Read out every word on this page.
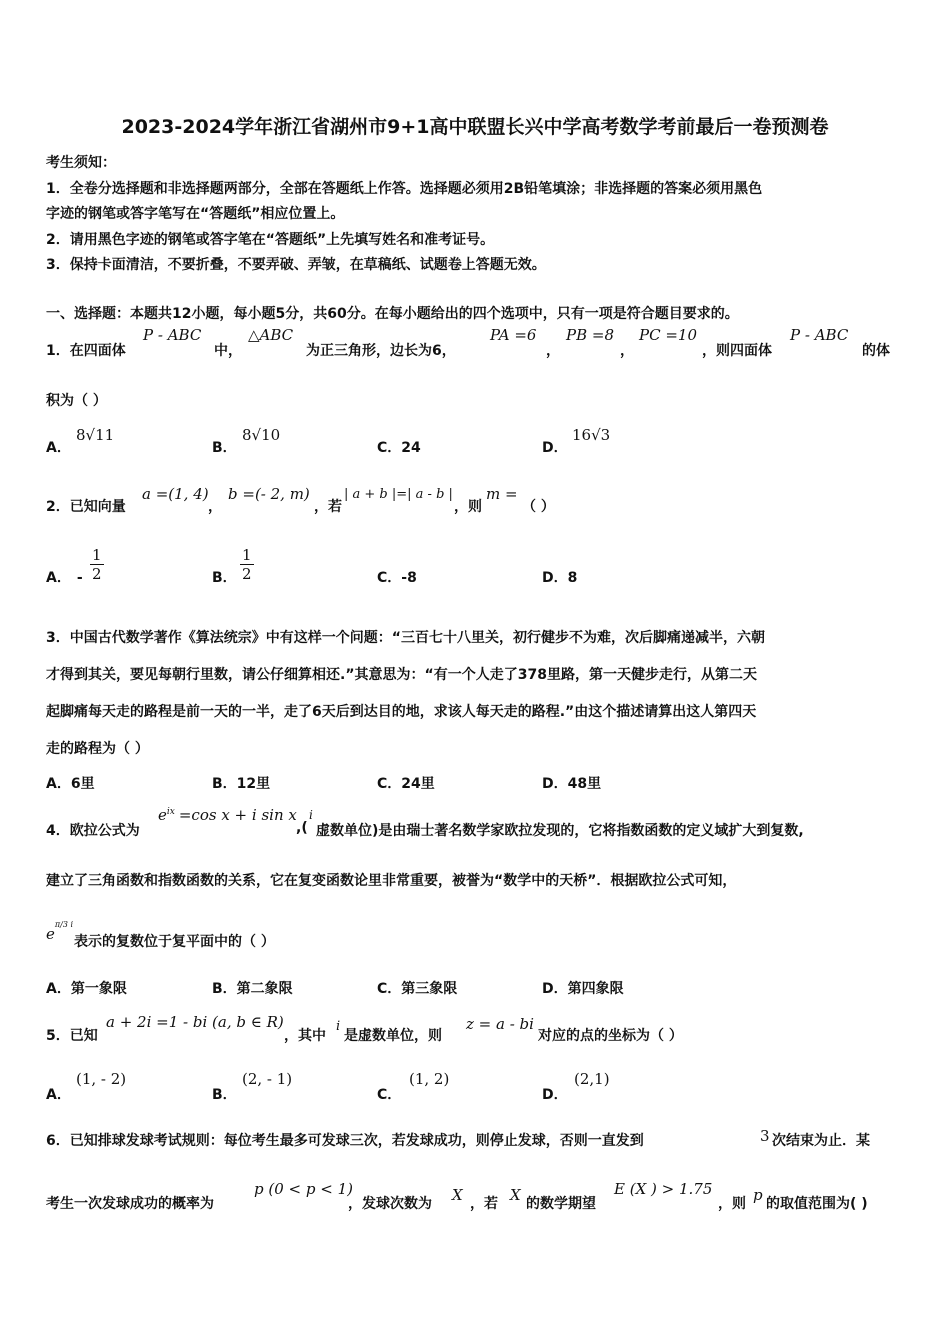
2023-2024学年浙江省湖州市9+1高中联盟长兴中学高考数学考前最后一卷预测卷
考生须知：
1．全卷分选择题和非选择题两部分，全部在答题纸上作答。选择题必须用2B铅笔填涂；非选择题的答案必须用黑色
字迹的钢笔或答字笔写在“答题纸”相应位置上。
2．请用黑色字迹的钢笔或答字笔在“答题纸”上先填写姓名和准考证号。
3．保持卡面清洁，不要折叠，不要弄破、弄皱，在草稿纸、试题卷上答题无效。
一、选择题：本题共12小题，每小题5分，共60分。在每小题给出的四个选项中，只有一项是符合题目要求的。
1．在四面体
P - ABC
中，
△ABC
为正三角形，边长为6，
PA =6
，
PB =8
，
PC =10
，则四面体
P - ABC
的体
积为（ ）
A．
8√11
B．
8√10
C．24	D．
16√3
2．已知向量
a =(1, 4)
，
b =(- 2, m)
，若
| a + b |=| a - b |
，则
m =
（ ）
A． - $\frac{1}{2}$	B． $\frac{1}{2}$	C．-8	D．8
3．中国古代数学著作《算法统宗》中有这样一个问题：“三百七十八里关，初行健步不为难，次后脚痛递减半，六朝
才得到其关，要见每朝行里数，请公仔细算相还.”其意思为：“有一个人走了378里路，第一天健步走行，从第二天
起脚痛每天走的路程是前一天的一半，走了6天后到达目的地，求该人每天走的路程.”由这个描述请算出这人第四天
走的路程为（ ）
A．6里	B．12里	C．24里	D．48里
4．欧拉公式为
$e^{ix} =\cos$ x + i sin x
,(
i
虚数单位)是由瑞士著名数学家欧拉发现的，它将指数函数的定义域扩大到复数,
建立了三角函数和指数函数的关系，它在复变函数论里非常重要，被誉为“数学中的天桥”．根据欧拉公式可知，
$e^{\pi/3 i}$
表示的复数位于复平面中的（ ）
A．第一象限	B．第二象限	C．第三象限	D．第四象限
5．已知
a + 2i =1 - bi (a, b ∈ R)
，其中
i
是虚数单位，则
z = a - bi
对应的点的坐标为（ ）
A．
(1, - 2)
B．
(2, - 1)
C．
(1, 2)
D．
(2,1)
6．已知排球发球考试规则：每位考生最多可发球三次，若发球成功，则停止发球，否则一直发到	3 次结束为止．某
考生一次发球成功的概率为
p (0 < p < 1)
，发球次数为 X ，若 X 的数学期望
E (X ) > 1.75
，则 p 的取值范围为( )
